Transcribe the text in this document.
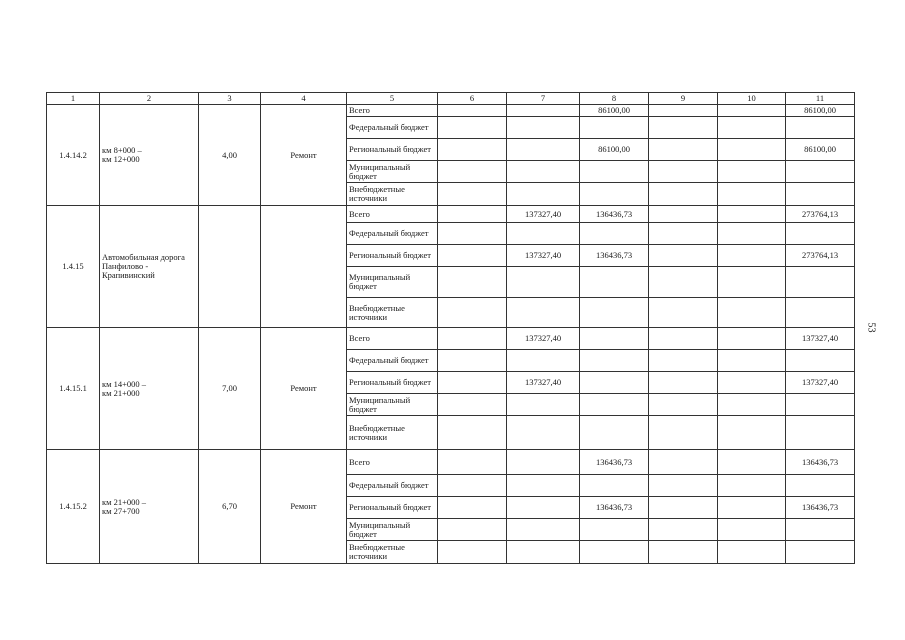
1	2	3	4	5	6	7	8	9	10	11
1.4.14.2	км 8+000 –
км 12+000	4,00	Ремонт	Всего			86100,00			86100,00
				Федеральный бюджет						
				Региональный бюджет			86100,00			86100,00
				Муниципальный бюджет						
				Внебюджетные источники						
1.4.15	Автомобильная дорога Панфилово - Крапивинский			Всего		137327,40	136436,73			273764,13
				Федеральный бюджет						
				Региональный бюджет		137327,40	136436,73			273764,13
				Муниципальный бюджет						
				Внебюджетные источники						
1.4.15.1	км 14+000 –
км 21+000	7,00	Ремонт	Всего		137327,40				137327,40
				Федеральный бюджет						
				Региональный бюджет		137327,40				137327,40
				Муниципальный бюджет						
				Внебюджетные источники						
1.4.15.2	км 21+000 –
км 27+700	6,70	Ремонт	Всего			136436,73			136436,73
				Федеральный бюджет						
				Региональный бюджет			136436,73			136436,73
				Муниципальный бюджет						
				Внебюджетные источники						
53
